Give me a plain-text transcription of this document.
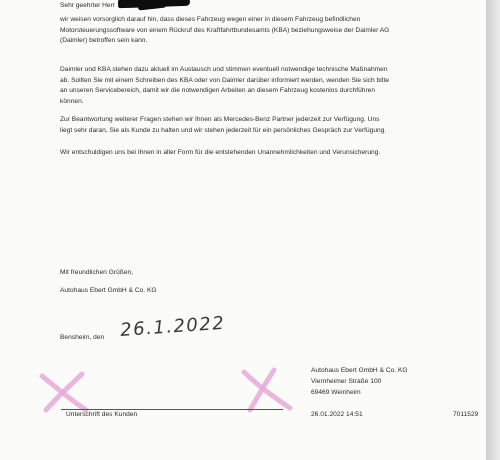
Sehr geehrter Herr
wir weisen vorsorglich darauf hin, dass dieses Fahrzeug wegen einer in diesem Fahrzeug befindlichen
Motorsteuerungssoftware von einem Rückruf des Kraftfahrtbundesamts (KBA) beziehungsweise der Daimler AG
(Daimler) betroffen sein kann.
Daimler und KBA stehen dazu aktuell im Austausch und stimmen eventuell notwendige technische Maßnahmen
ab. Sollten Sie mit einem Schreiben des KBA oder von Daimler darüber informiert werden, wenden Sie sich bitte
an unseren Servicebereich, damit wir die notwendigen Arbeiten an diesem Fahrzeug kostenlos durchführen
können.
Zur Beantwortung weiterer Fragen stehen wir Ihnen als Mercedes-Benz Partner jederzeit zur Verfügung. Uns
liegt sehr daran, Sie als Kunde zu halten und wir stehen jederzeit für ein persönliches Gespräch zur Verfügung.
Wir entschuldigen uns bei Ihnen in aller Form für die entstehenden Unannehmlichkeiten und Verunsicherung.
Mit freundlichen Grüßen,
Autohaus Ebert GmbH & Co. KG
Bensheim, den 26.1.2022
Autohaus Ebert GmbH & Co. KG
Viernheimer Straße 100
69469 Weinheim
Unterschrift des Kunden	26.01.2022 14:51	7011529
